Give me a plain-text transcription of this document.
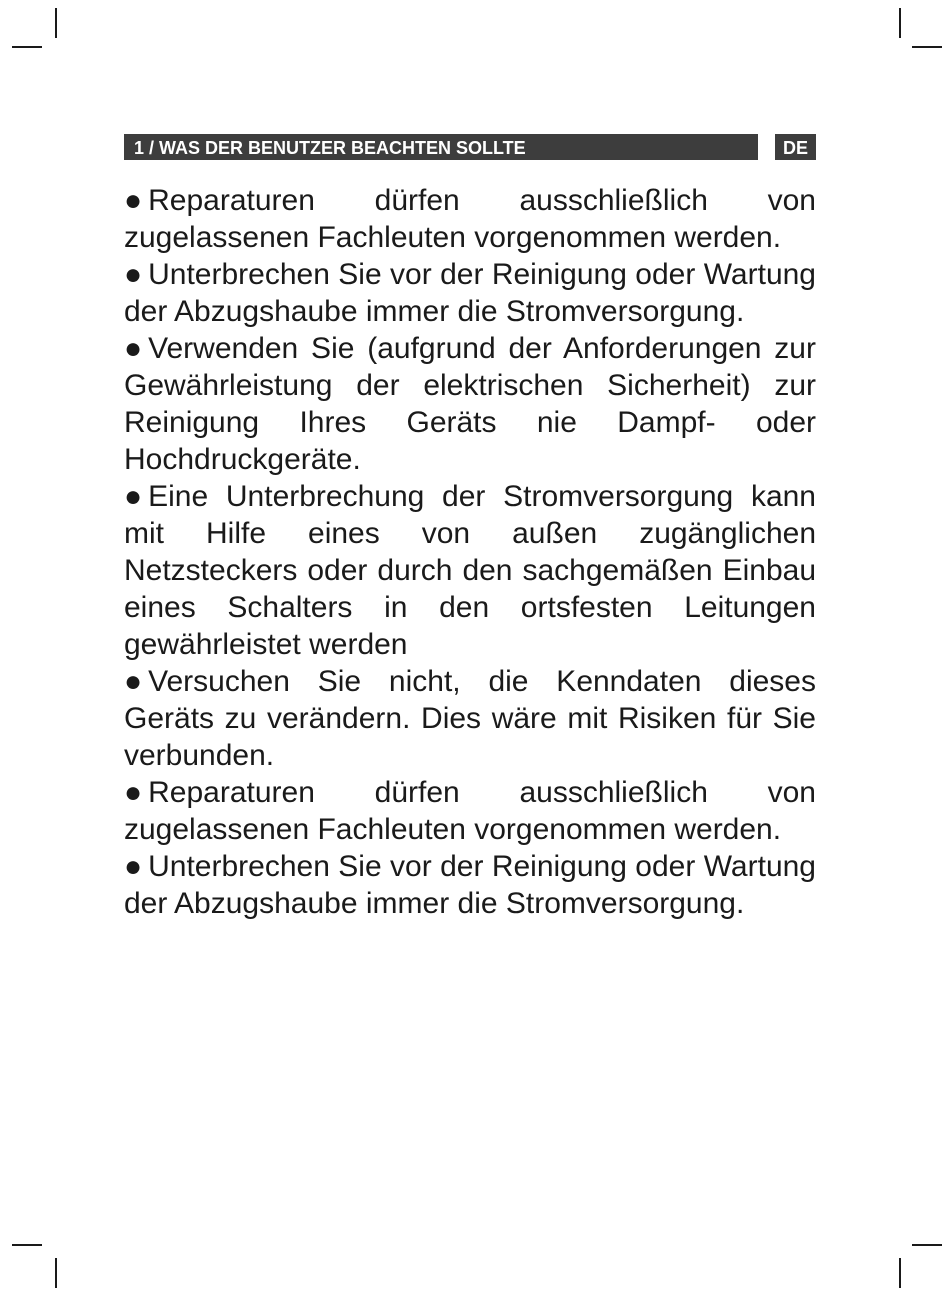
1 / WAS DER BENUTZER BEACHTEN SOLLTE	DE

● Reparaturen dürfen ausschließlich von zugelassenen Fachleuten vorgenommen werden.

● Unterbrechen Sie vor der Reinigung oder Wartung der Abzugshaube immer die Stromversorgung.

● Verwenden Sie (aufgrund der Anforderungen zur Gewährleistung der elektrischen Sicherheit) zur Reinigung Ihres Geräts nie Dampf- oder Hochdruckgeräte.

● Eine Unterbrechung der Stromversorgung kann mit Hilfe eines von außen zugänglichen Netzsteckers oder durch den sachgemäßen Einbau eines Schalters in den ortsfesten Leitungen gewährleistet werden

● Versuchen Sie nicht, die Kenndaten dieses Geräts zu verändern. Dies wäre mit Risiken für Sie verbunden.

● Reparaturen dürfen ausschließlich von zugelassenen Fachleuten vorgenommen werden.

● Unterbrechen Sie vor der Reinigung oder Wartung der Abzugshaube immer die Stromversorgung.
